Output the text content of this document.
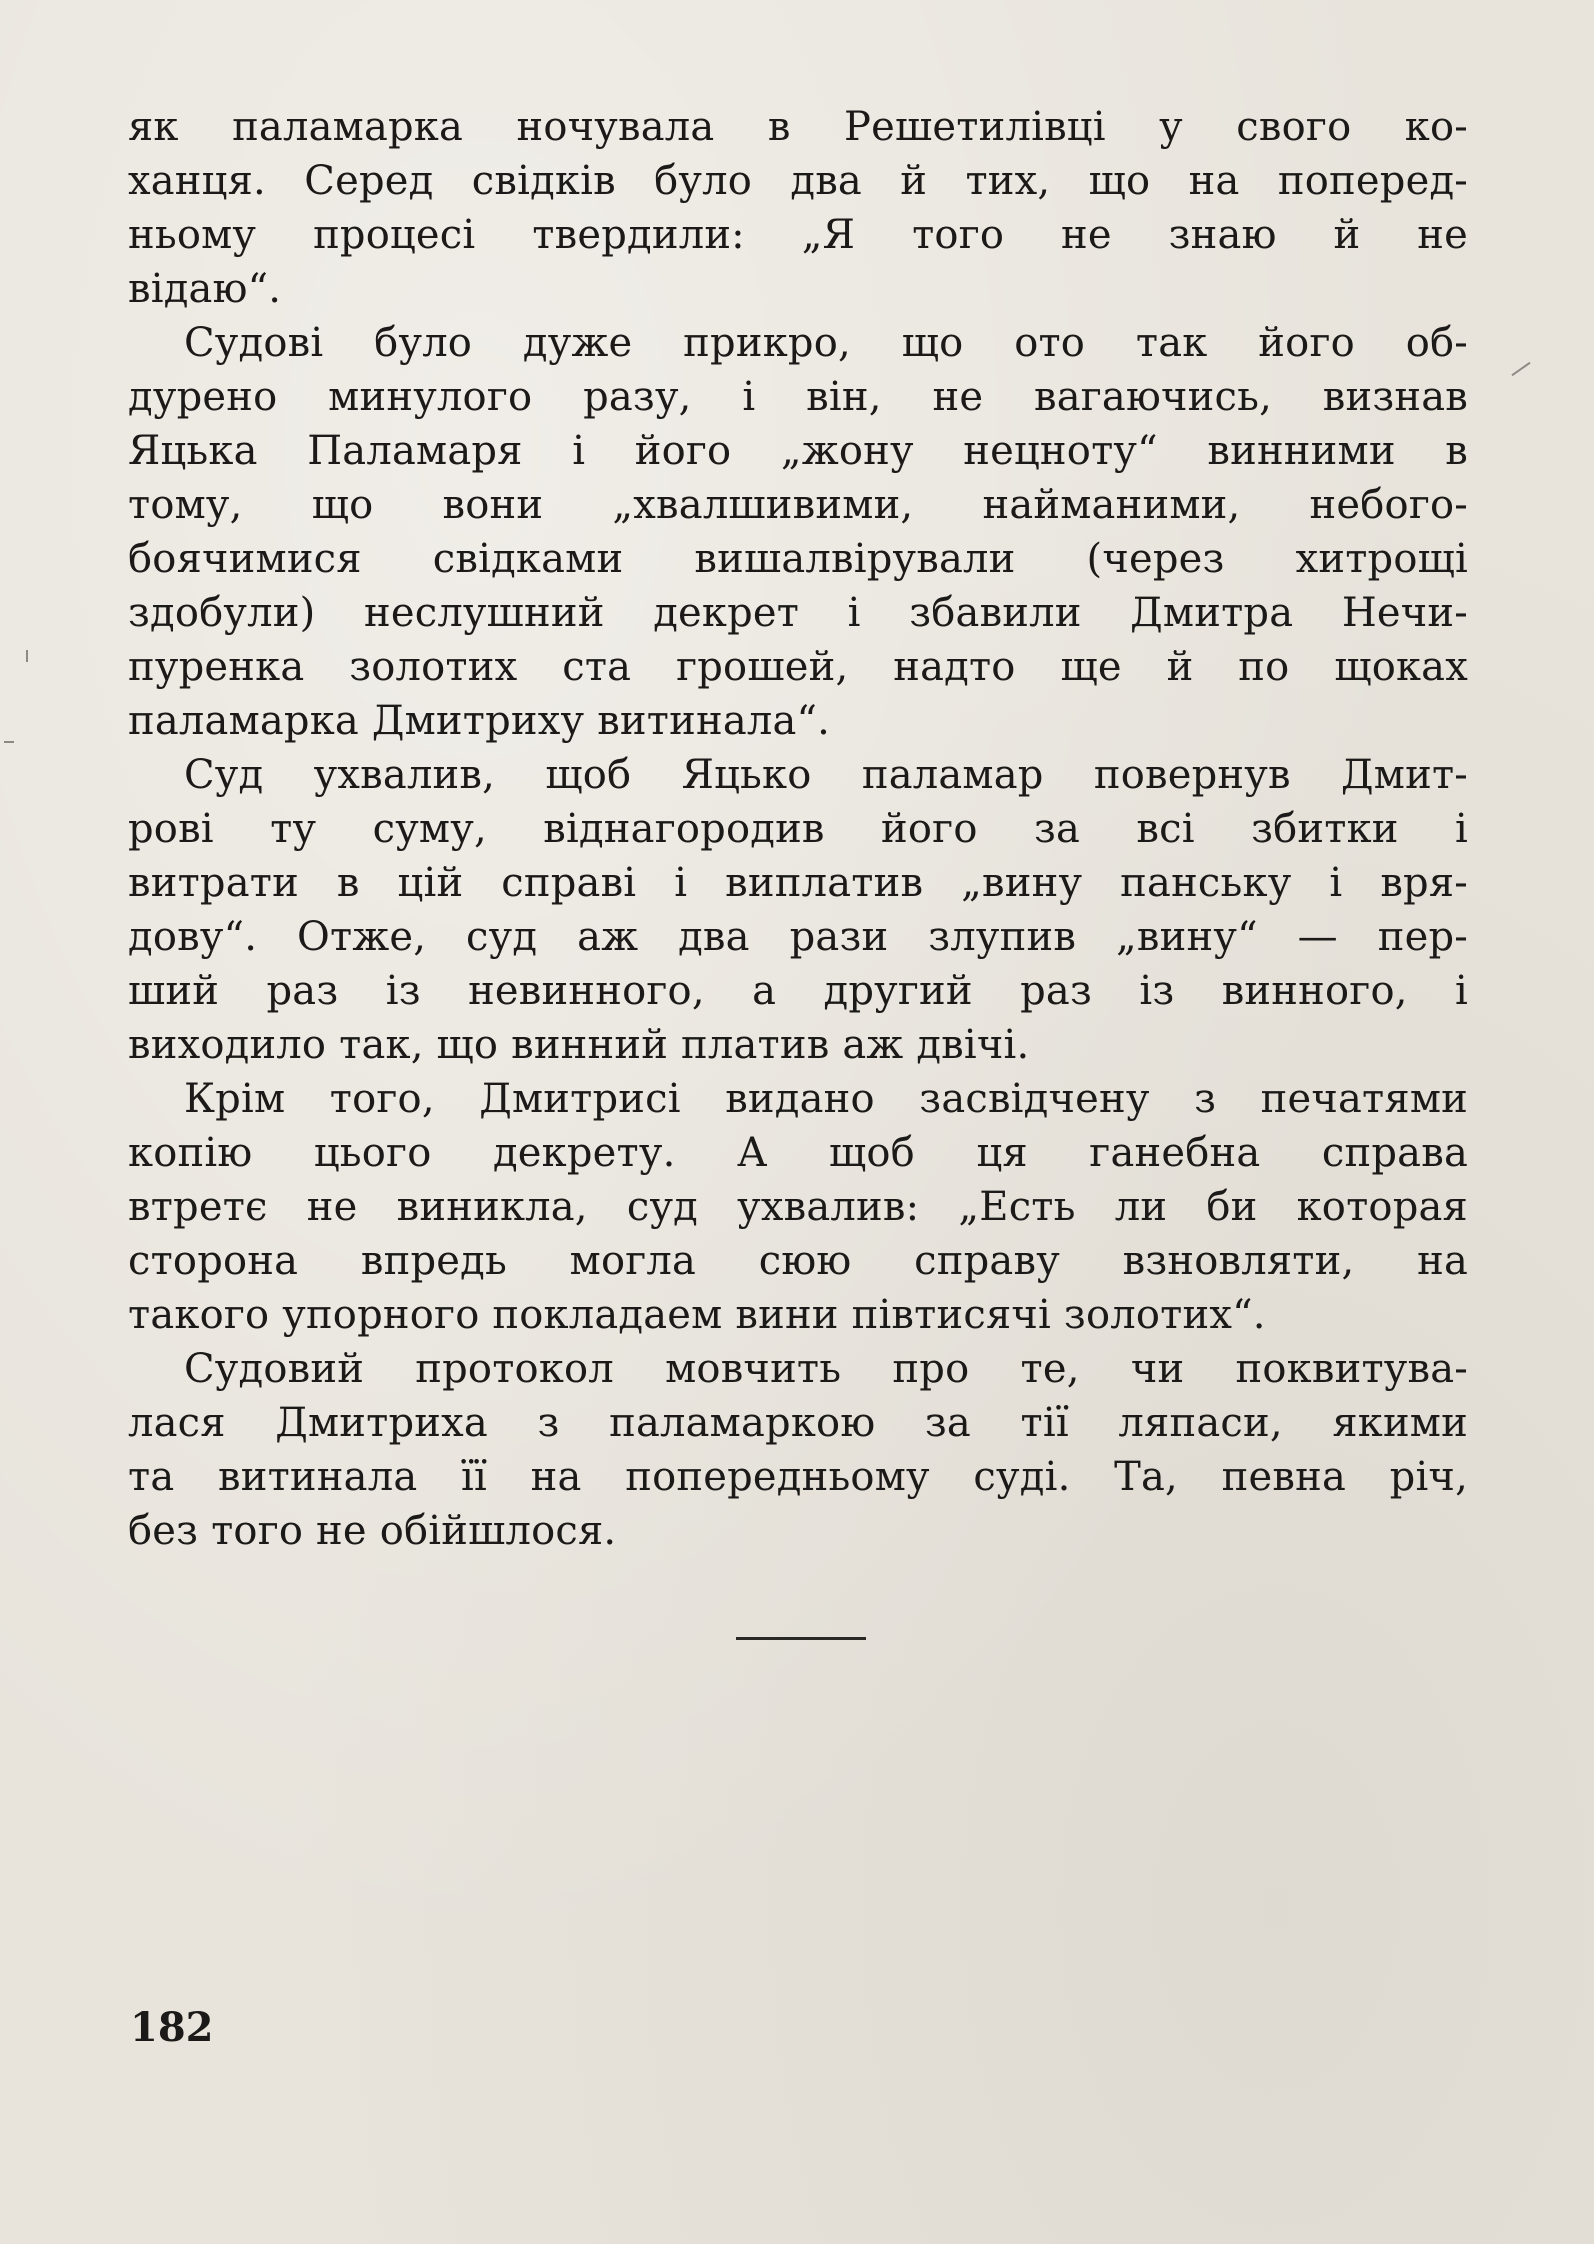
як паламарка ночувала в Решетилівці у свого ко-
ханця. Серед свідків було два й тих, що на поперед-
ньому процесі твердили: „Я того не знаю й не
відаю“.
Судові було дуже прикро, що ото так його об-
дурено минулого разу, і він, не вагаючись, визнав
Яцька Паламаря і його „жону нецноту“ винними в
тому, що вони „хвалшивими, найманими, небого-
боячимися свідками вишалвірували (через хитрощі
здобули) неслушний декрет і збавили Дмитра Нечи-
пуренка золотих ста грошей, надто ще й по щоках
паламарка Дмитриху витинала“.
Суд ухвалив, щоб Яцько паламар повернув Дмит-
рові ту суму, віднагородив його за всі збитки і
витрати в цій справі і виплатив „вину панську і вря-
дову“. Отже, суд аж два рази злупив „вину“ — пер-
ший раз із невинного, а другий раз із винного, і
виходило так, що винний платив аж двічі.
Крім того, Дмитрисі видано засвідчену з печатями
копію цього декрету. А щоб ця ганебна справа
втретє не виникла, суд ухвалив: „Есть ли би которая
сторона впредь могла сюю справу взновляти, на
такого упорного покладаем вини півтисячі золотих“.
Судовий протокол мовчить про те, чи поквитува-
лася Дмитриха з паламаркою за тії ляпаси, якими
та витинала її на попередньому суді. Та, певна річ,
без того не обійшлося.
182
